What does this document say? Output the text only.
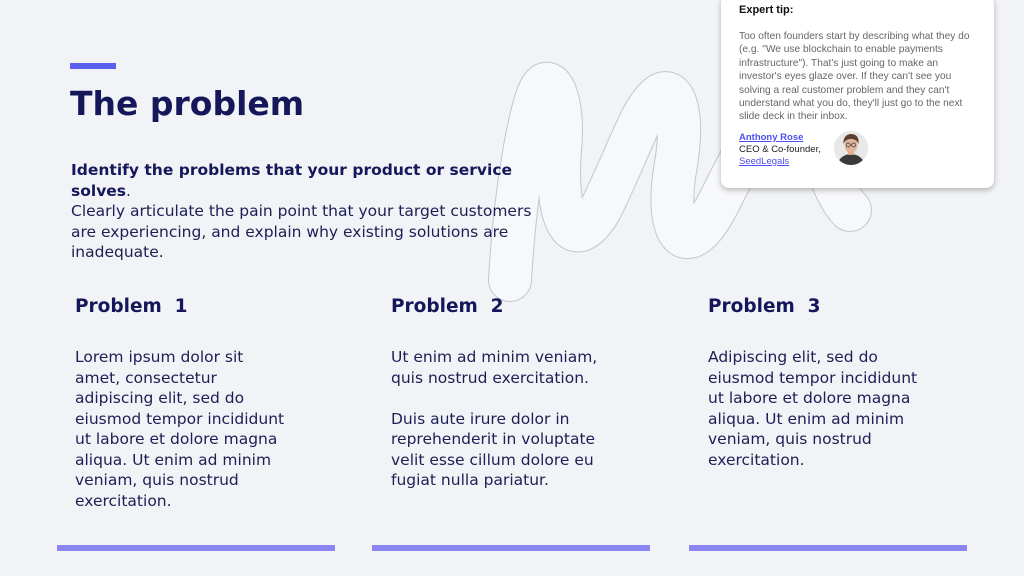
The problem
Identify the problems that your product or service solves.
Clearly articulate the pain point that your target customers are experiencing, and explain why existing solutions are inadequate.
Problem  1

Lorem ipsum dolor sit
amet, consectetur
adipiscing elit, sed do
eiusmod tempor incididunt
ut labore et dolore magna
aliqua. Ut enim ad minim
veniam, quis nostrud
exercitation.

Problem  2

Ut enim ad minim veniam,
quis nostrud exercitation.

Duis aute irure dolor in
reprehenderit in voluptate
velit esse cillum dolore eu
fugiat nulla pariatur.

Problem  3

Adipiscing elit, sed do
eiusmod tempor incididunt
ut labore et dolore magna
aliqua. Ut enim ad minim
veniam, quis nostrud
exercitation.

Expert tip:
Too often founders start by describing what they do (e.g. "We use blockchain to enable payments infrastructure"). That's just going to make an investor's eyes glaze over. If they can't see you solving a real customer problem and they can't understand what you do, they'll just go to the next slide deck in their inbox.
Anthony Rose
CEO & Co-founder,
SeedLegals
